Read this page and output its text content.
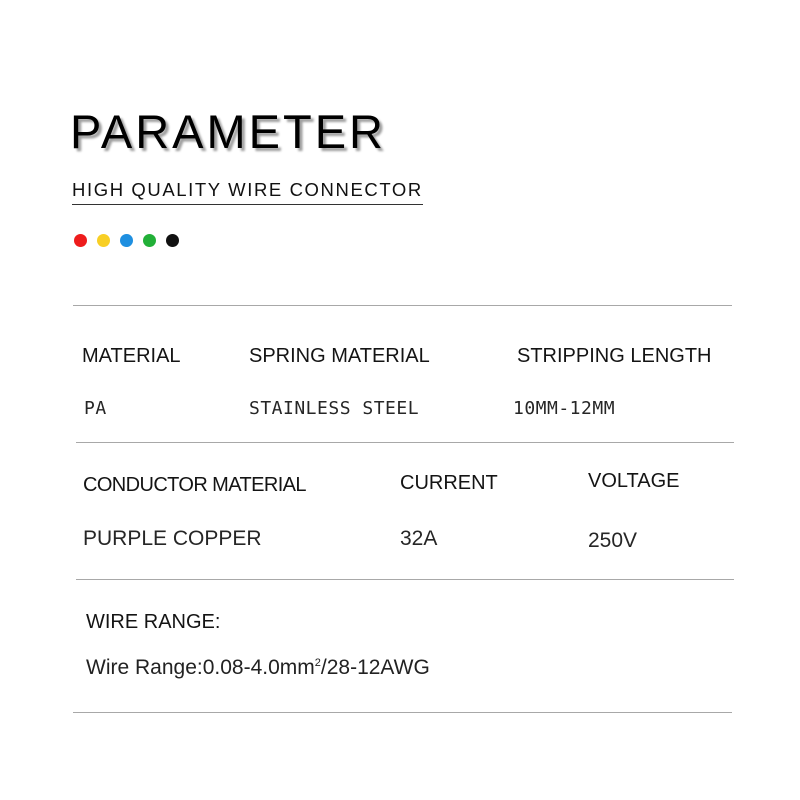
PARAMETER
HIGH QUALITY WIRE CONNECTOR
MATERIAL	SPRING MATERIAL	STRIPPING LENGTH
PA	STAINLESS STEEL	10MM-12MM
CONDUCTOR MATERIAL	CURRENT	VOLTAGE
PURPLE COPPER	32A	250V
WIRE RANGE:
Wire $Range:0.08-4.0mm^2/28-12AWG$
